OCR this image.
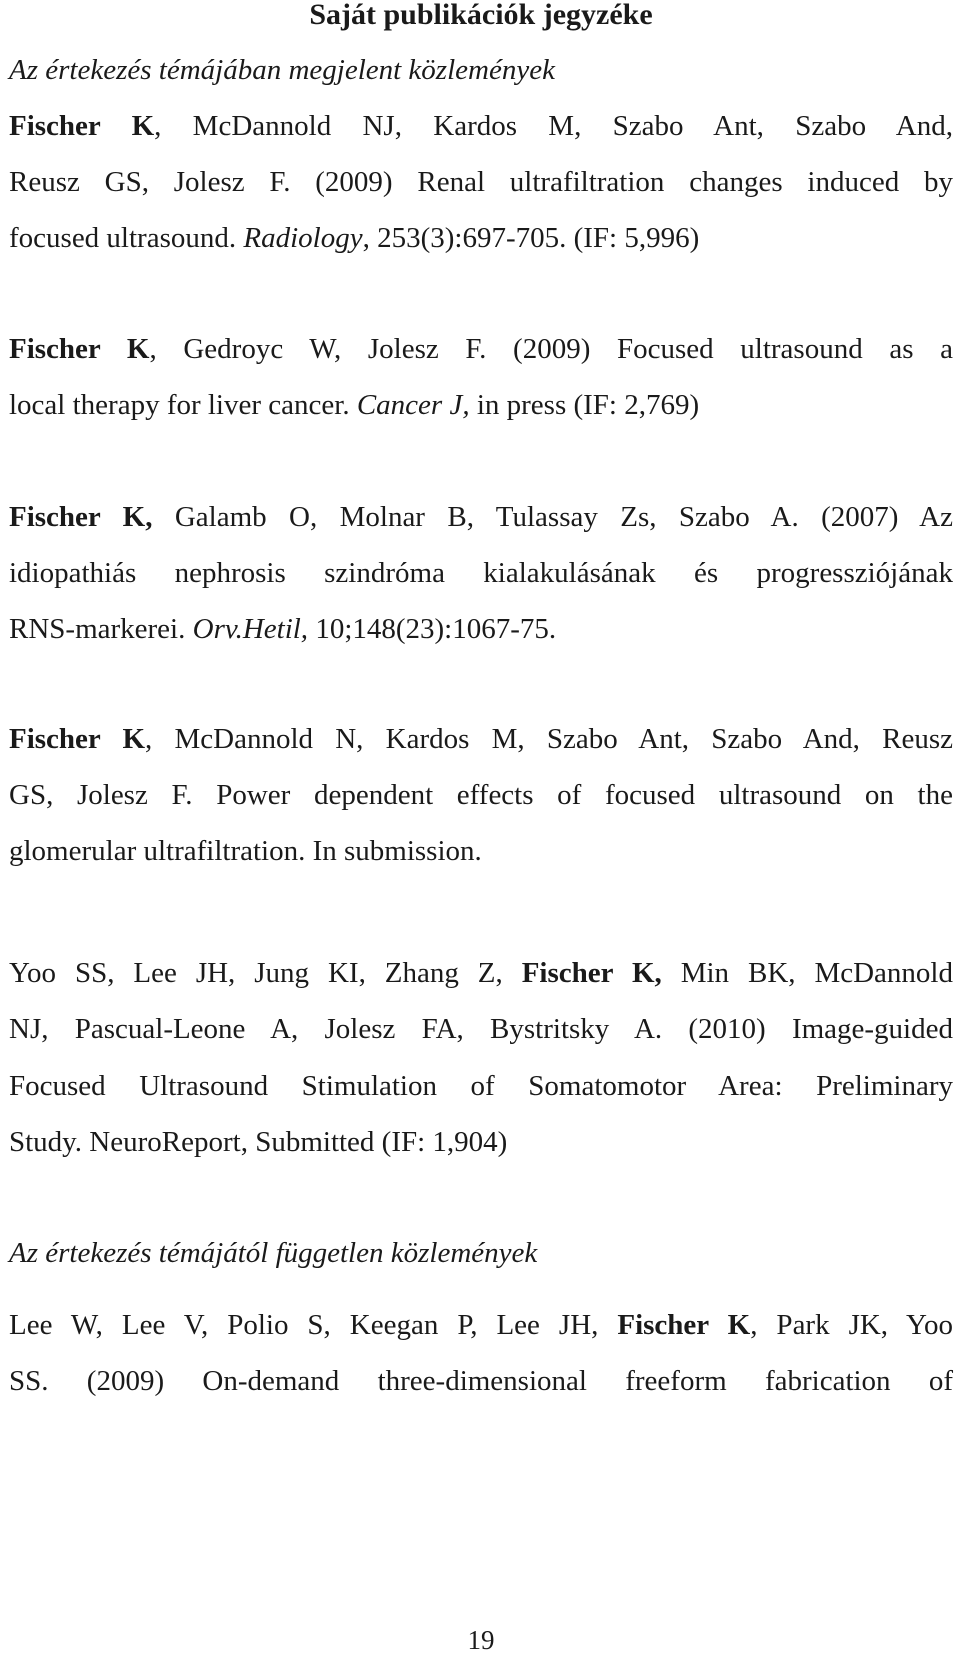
Saját publikációk jegyzéke
Az értekezés témájában megjelent közlemények
Fischer K, McDannold NJ, Kardos M, Szabo Ant, Szabo And,
Reusz GS, Jolesz F. (2009) Renal ultrafiltration changes induced by
focused ultrasound. Radiology, 253(3):697-705. (IF: 5,996)
Fischer K, Gedroyc W, Jolesz F. (2009) Focused ultrasound as a
local therapy for liver cancer. Cancer J, in press (IF: 2,769)
Fischer K, Galamb O, Molnar B, Tulassay Zs, Szabo A. (2007) Az
idiopathiás nephrosis szindróma kialakulásának és progressziójának
RNS-markerei. Orv.Hetil, 10;148(23):1067-75.
Fischer K, McDannold N, Kardos M, Szabo Ant, Szabo And, Reusz
GS, Jolesz F. Power dependent effects of focused ultrasound on the
glomerular ultrafiltration. In submission.
Yoo SS, Lee JH, Jung KI, Zhang Z, Fischer K, Min BK, McDannold
NJ, Pascual-Leone A, Jolesz FA, Bystritsky A. (2010) Image-guided
Focused Ultrasound Stimulation of Somatomotor Area: Preliminary
Study. NeuroReport, Submitted (IF: 1,904)
Az értekezés témájától független közlemények
Lee W, Lee V, Polio S, Keegan P, Lee JH, Fischer K, Park JK, Yoo
SS. (2009) On-demand three-dimensional freeform fabrication of
19
